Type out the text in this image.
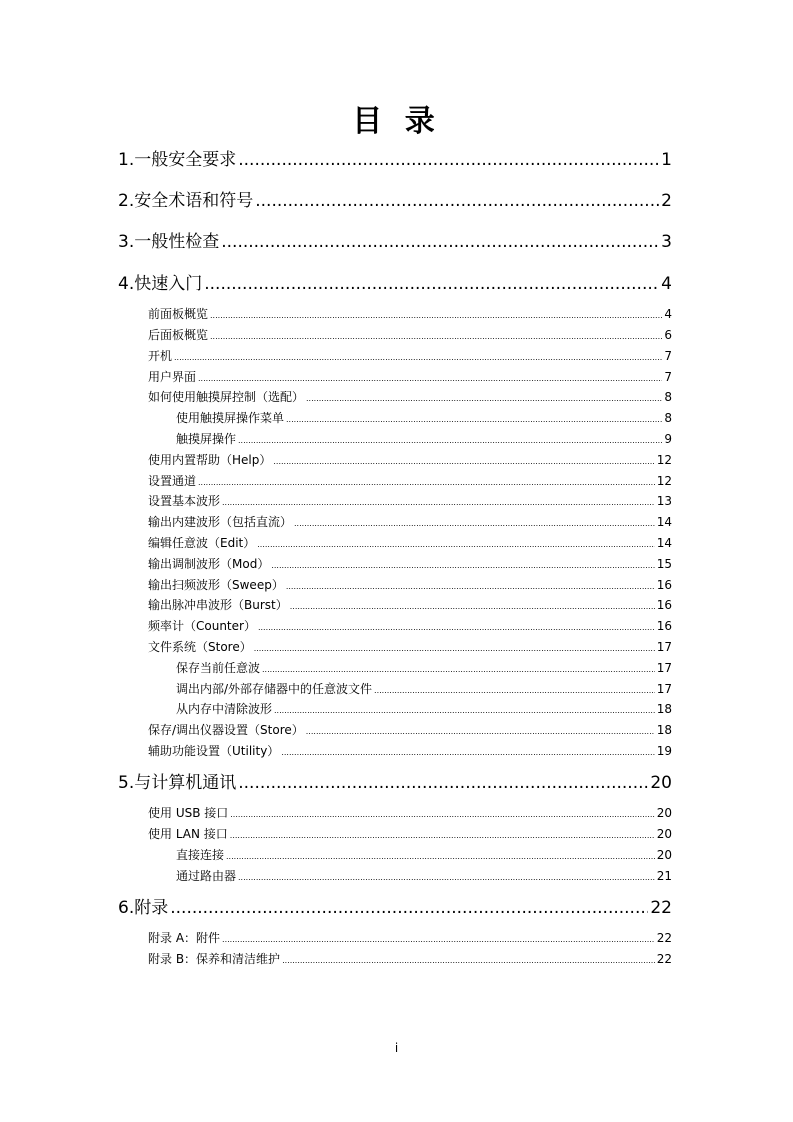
目 录
1.一般安全要求 .....	1
2.安全术语和符号 .....	2
3.一般性检查 .....	3
4.快速入门 .....	4
前面板概览 .....	4
后面板概览 .....	6
开机 .....	7
用户界面 .....	7
如何使用触摸屏控制（选配） .....	8
使用触摸屏操作菜单 .....	8
触摸屏操作 .....	9
使用内置帮助（Help） .....	12
设置通道 .....	12
设置基本波形 .....	13
输出内建波形（包括直流） .....	14
编辑任意波（Edit） .....	14
输出调制波形（Mod） .....	15
输出扫频波形（Sweep） .....	16
输出脉冲串波形（Burst） .....	16
频率计（Counter） .....	16
文件系统（Store） .....	17
保存当前任意波 .....	17
调出内部/外部存储器中的任意波文件 .....	17
从内存中清除波形 .....	18
保存/调出仪器设置（Store） .....	18
辅助功能设置（Utility） .....	19
5.与计算机通讯 .....	20
使用 USB 接口 .....	20
使用 LAN 接口 .....	20
直接连接 .....	20
通过路由器 .....	21
6.附录 .....	22
附录 A：附件 .....	22
附录 B：保养和清洁维护 .....	22
i
